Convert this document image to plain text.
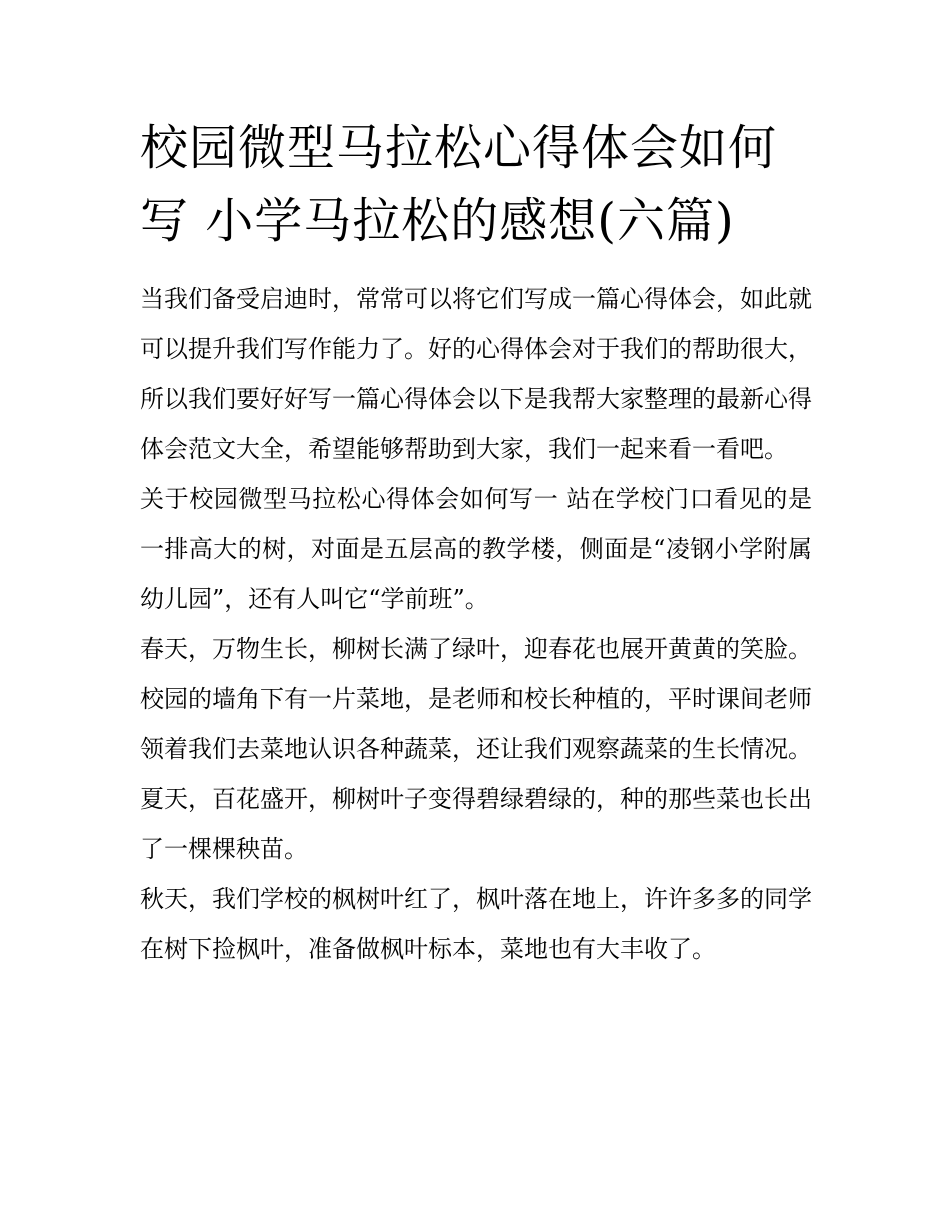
校园微型马拉松心得体会如何写 小学马拉松的感想(六篇)

当我们备受启迪时，常常可以将它们写成一篇心得体会，如此就可以提升我们写作能力了。好的心得体会对于我们的帮助很大，所以我们要好好写一篇心得体会以下是我帮大家整理的最新心得体会范文大全，希望能够帮助到大家，我们一起来看一看吧。

关于校园微型马拉松心得体会如何写一 站在学校门口看见的是一排高大的树，对面是五层高的教学楼，侧面是“凌钢小学附属幼儿园”，还有人叫它“学前班”。

春天，万物生长，柳树长满了绿叶，迎春花也展开黄黄的笑脸。校园的墙角下有一片菜地，是老师和校长种植的，平时课间老师领着我们去菜地认识各种蔬菜，还让我们观察蔬菜的生长情况。

夏天，百花盛开，柳树叶子变得碧绿碧绿的，种的那些菜也长出了一棵棵秧苗。

秋天，我们学校的枫树叶红了，枫叶落在地上，许许多多的同学在树下捡枫叶，准备做枫叶标本，菜地也有大丰收了。
